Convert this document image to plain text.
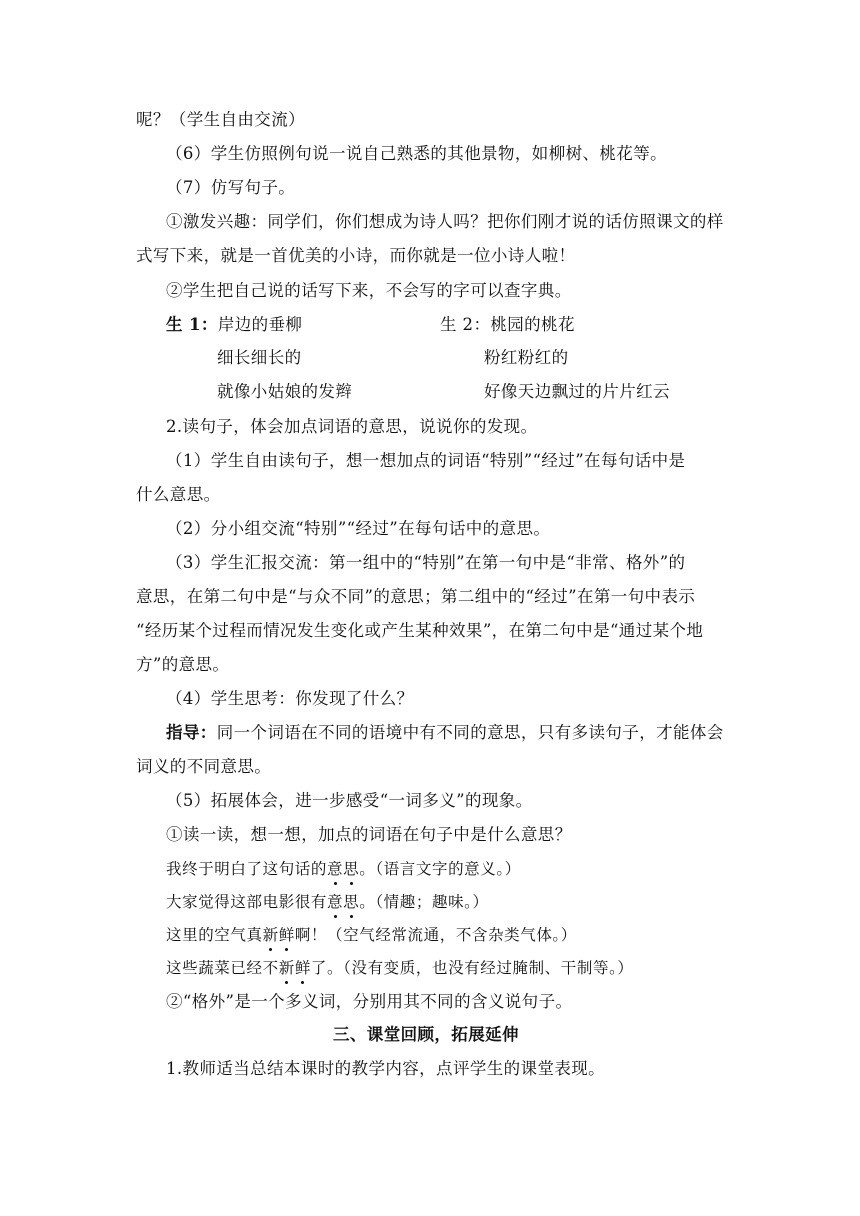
呢？（学生自由交流）
（6）学生仿照例句说一说自己熟悉的其他景物，如柳树、桃花等。
（7）仿写句子。
①激发兴趣：同学们，你们想成为诗人吗？把你们刚才说的话仿照课文的样
式写下来，就是一首优美的小诗，而你就是一位小诗人啦！
②学生把自己说的话写下来，不会写的字可以查字典。
生 1：岸边的垂柳	生 2：桃园的桃花
细长细长的	粉红粉红的
就像小姑娘的发辫	好像天边飘过的片片红云
2.读句子，体会加点词语的意思，说说你的发现。
（1）学生自由读句子，想一想加点的词语“特别”“经过”在每句话中是
什么意思。
（2）分小组交流“特别”“经过”在每句话中的意思。
（3）学生汇报交流：第一组中的“特别”在第一句中是“非常、格外”的
意思，在第二句中是“与众不同”的意思；第二组中的“经过”在第一句中表示
“经历某个过程而情况发生变化或产生某种效果”，在第二句中是“通过某个地
方”的意思。
（4）学生思考：你发现了什么？
指导：同一个词语在不同的语境中有不同的意思，只有多读句子，才能体会
词义的不同意思。
（5）拓展体会，进一步感受“一词多义”的现象。
①读一读，想一想，加点的词语在句子中是什么意思？
我终于明白了这句话的意思。（语言文字的意义。）
大家觉得这部电影很有意思。（情趣；趣味。）
这里的空气真新鲜啊！（空气经常流通，不含杂类气体。）
这些蔬菜已经不新鲜了。（没有变质，也没有经过腌制、干制等。）
②“格外”是一个多义词，分别用其不同的含义说句子。
三、课堂回顾，拓展延伸
1.教师适当总结本课时的教学内容，点评学生的课堂表现。
